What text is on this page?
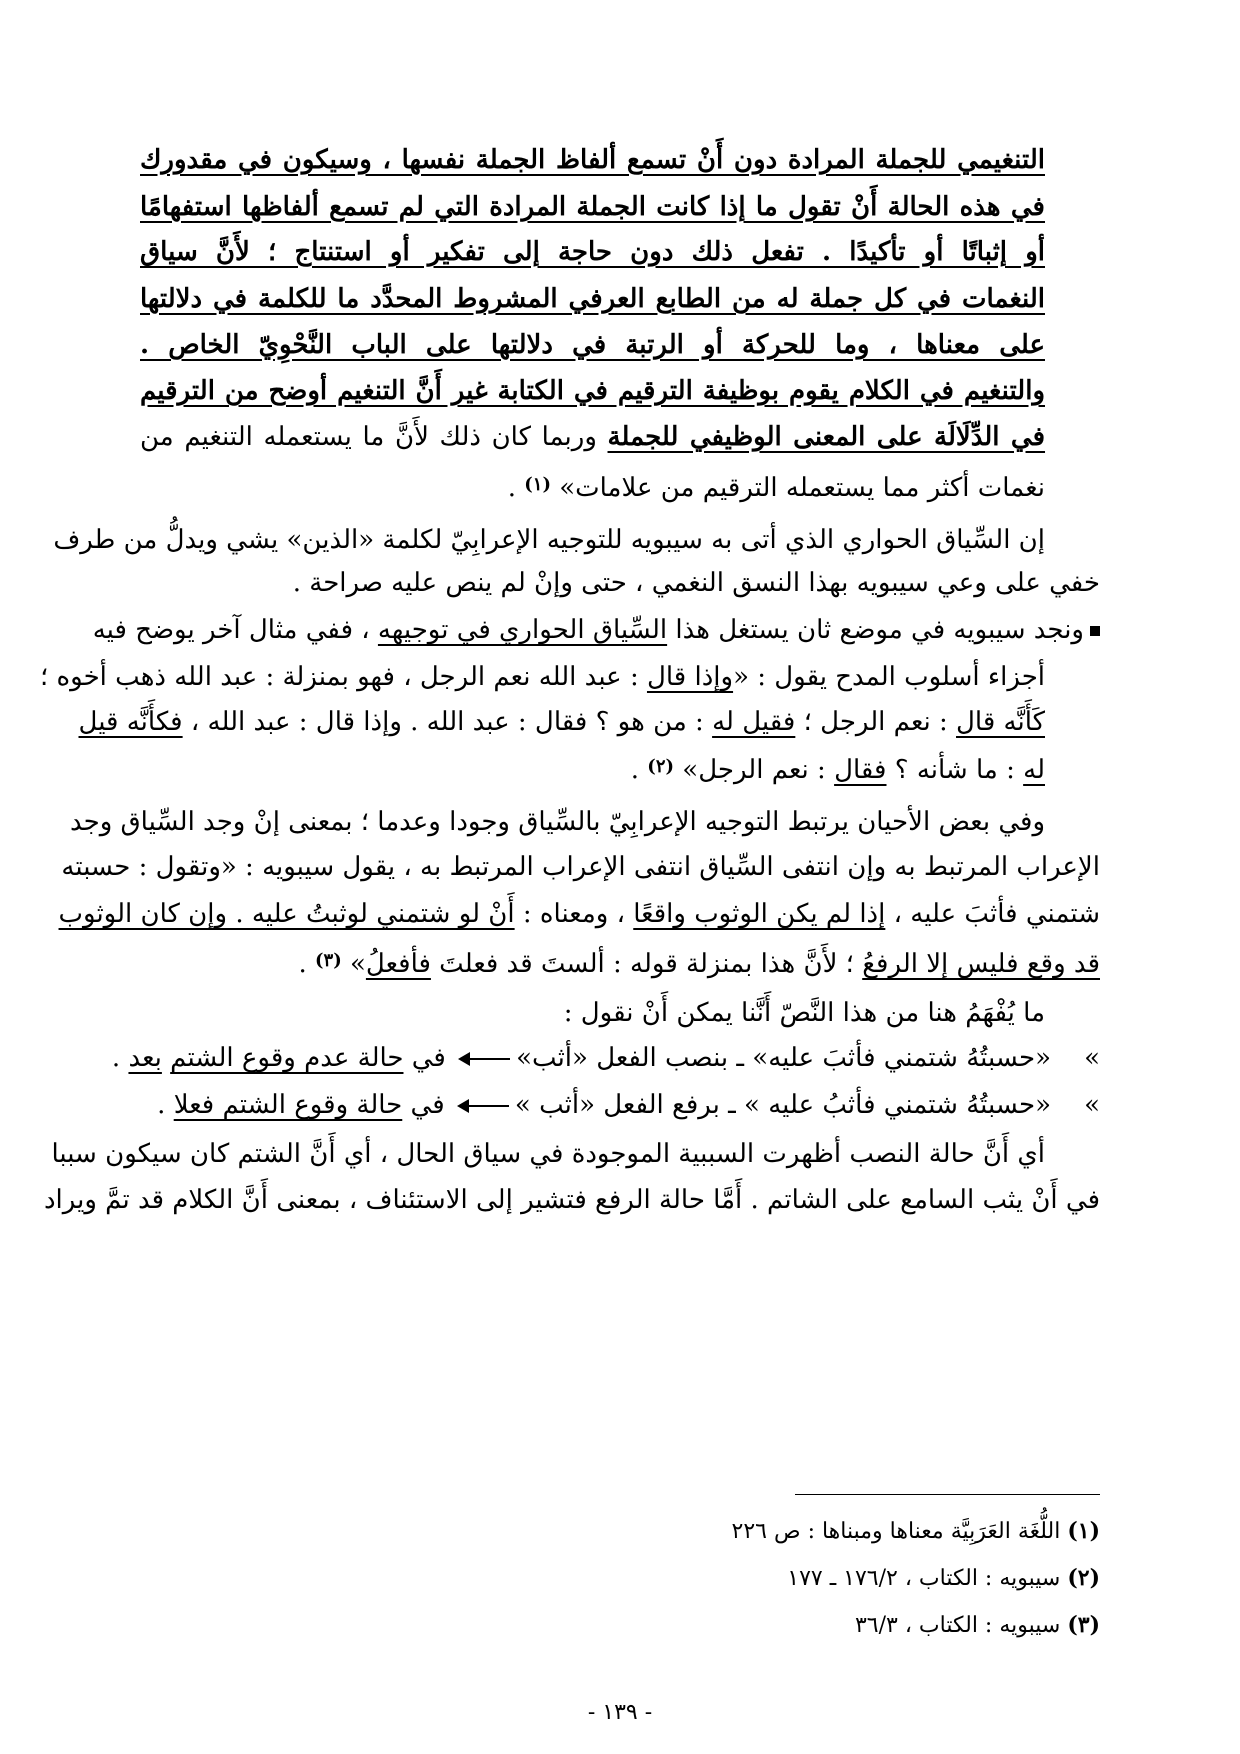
التنغيمي للجملة المرادة دون أَنْ تسمع ألفاظ الجملة نفسها ، وسيكون في مقدورك
في هذه الحالة أَنْ تقول ما إذا كانت الجملة المرادة التي لم تسمع ألفاظها استفهامًا
أو إثباتًا أو تأكيدًا . تفعل ذلك دون حاجة إلى تفكير أو استنتاج ؛ لأَنَّ سياق
النغمات في كل جملة له من الطابع العرفي المشروط المحدَّد ما للكلمة في دلالتها
على معناها ، وما للحركة أو الرتبة في دلالتها على الباب النَّحْوِيّ الخاص .
والتنغيم في الكلام يقوم بوظيفة الترقيم في الكتابة غير أَنَّ التنغيم أوضح من الترقيم
في الدِّلَالَة على المعنى الوظيفي للجملة وربما كان ذلك لأَنَّ ما يستعمله التنغيم من
نغمات أكثر مما يستعمله الترقيم من علامات» $^{(١)}$ .
إن السِّياق الحواري الذي أتى به سيبويه للتوجيه الإعرابِيّ لكلمة «الذين» يشي ويدلُّ من طرف
خفي على وعي سيبويه بهذا النسق النغمي ، حتى وإنْ لم ينص عليه صراحة .
ونجد سيبويه في موضع ثان يستغل هذا السِّياق الحواري في توجيهه ، ففي مثال آخر يوضح فيه
أجزاء أسلوب المدح يقول : «وإذا قال : عبد الله نعم الرجل ، فهو بمنزلة : عبد الله ذهب أخوه ؛
كَأَنَّه قال : نعم الرجل ؛ فقيل له : من هو ؟ فقال : عبد الله . وإذا قال : عبد الله ، فكأَنَّه قيل
له : ما شأنه ؟ فقال : نعم الرجل» $^{(٢)}$ .
وفي بعض الأحيان يرتبط التوجيه الإعرابِيّ بالسِّياق وجودا وعدما ؛ بمعنى إنْ وجد السِّياق وجد
الإعراب المرتبط به وإن انتفى السِّياق انتفى الإعراب المرتبط به ، يقول سيبويه : «وتقول : حسبته
شتمني فأثبَ عليه ، إذا لم يكن الوثوب واقعًا ، ومعناه : أَنْ لو شتمني لوثبتُ عليه . وإن كان الوثوب
قد وقع فليس إلا الرفعُ ؛ لأَنَّ هذا بمنزلة قوله : ألستَ قد فعلتَ فأفعلُ» $^{(٣)}$ .
ما يُفْهَمُ هنا من هذا النَّصّ أَنَّنا يمكن أَنْ نقول :
»    «حسبتُهُ شتمني فأثبَ عليه» ـ بنصب الفعل «أثب» في حالة عدم وقوع الشتم بعد .
»    «حسبتُهُ شتمني فأثبُ عليه » ـ برفع الفعل «أثب » في حالة وقوع الشتم فعلا .
أي أَنَّ حالة النصب أظهرت السببية الموجودة في سياق الحال ، أي أَنَّ الشتم كان سيكون سببا
في أَنْ يثب السامع على الشاتم . أَمَّا حالة الرفع فتشير إلى الاستئناف ، بمعنى أَنَّ الكلام قد تمَّ ويراد
(١) اللُّغَة العَرَبِيَّة معناها ومبناها : ص ٢٢٦
(٢) سيبويه : الكتاب ، ١٧٦/٢ ـ ١٧٧
(٣) سيبويه : الكتاب ، ٣٦/٣
- ١٣٩ -
